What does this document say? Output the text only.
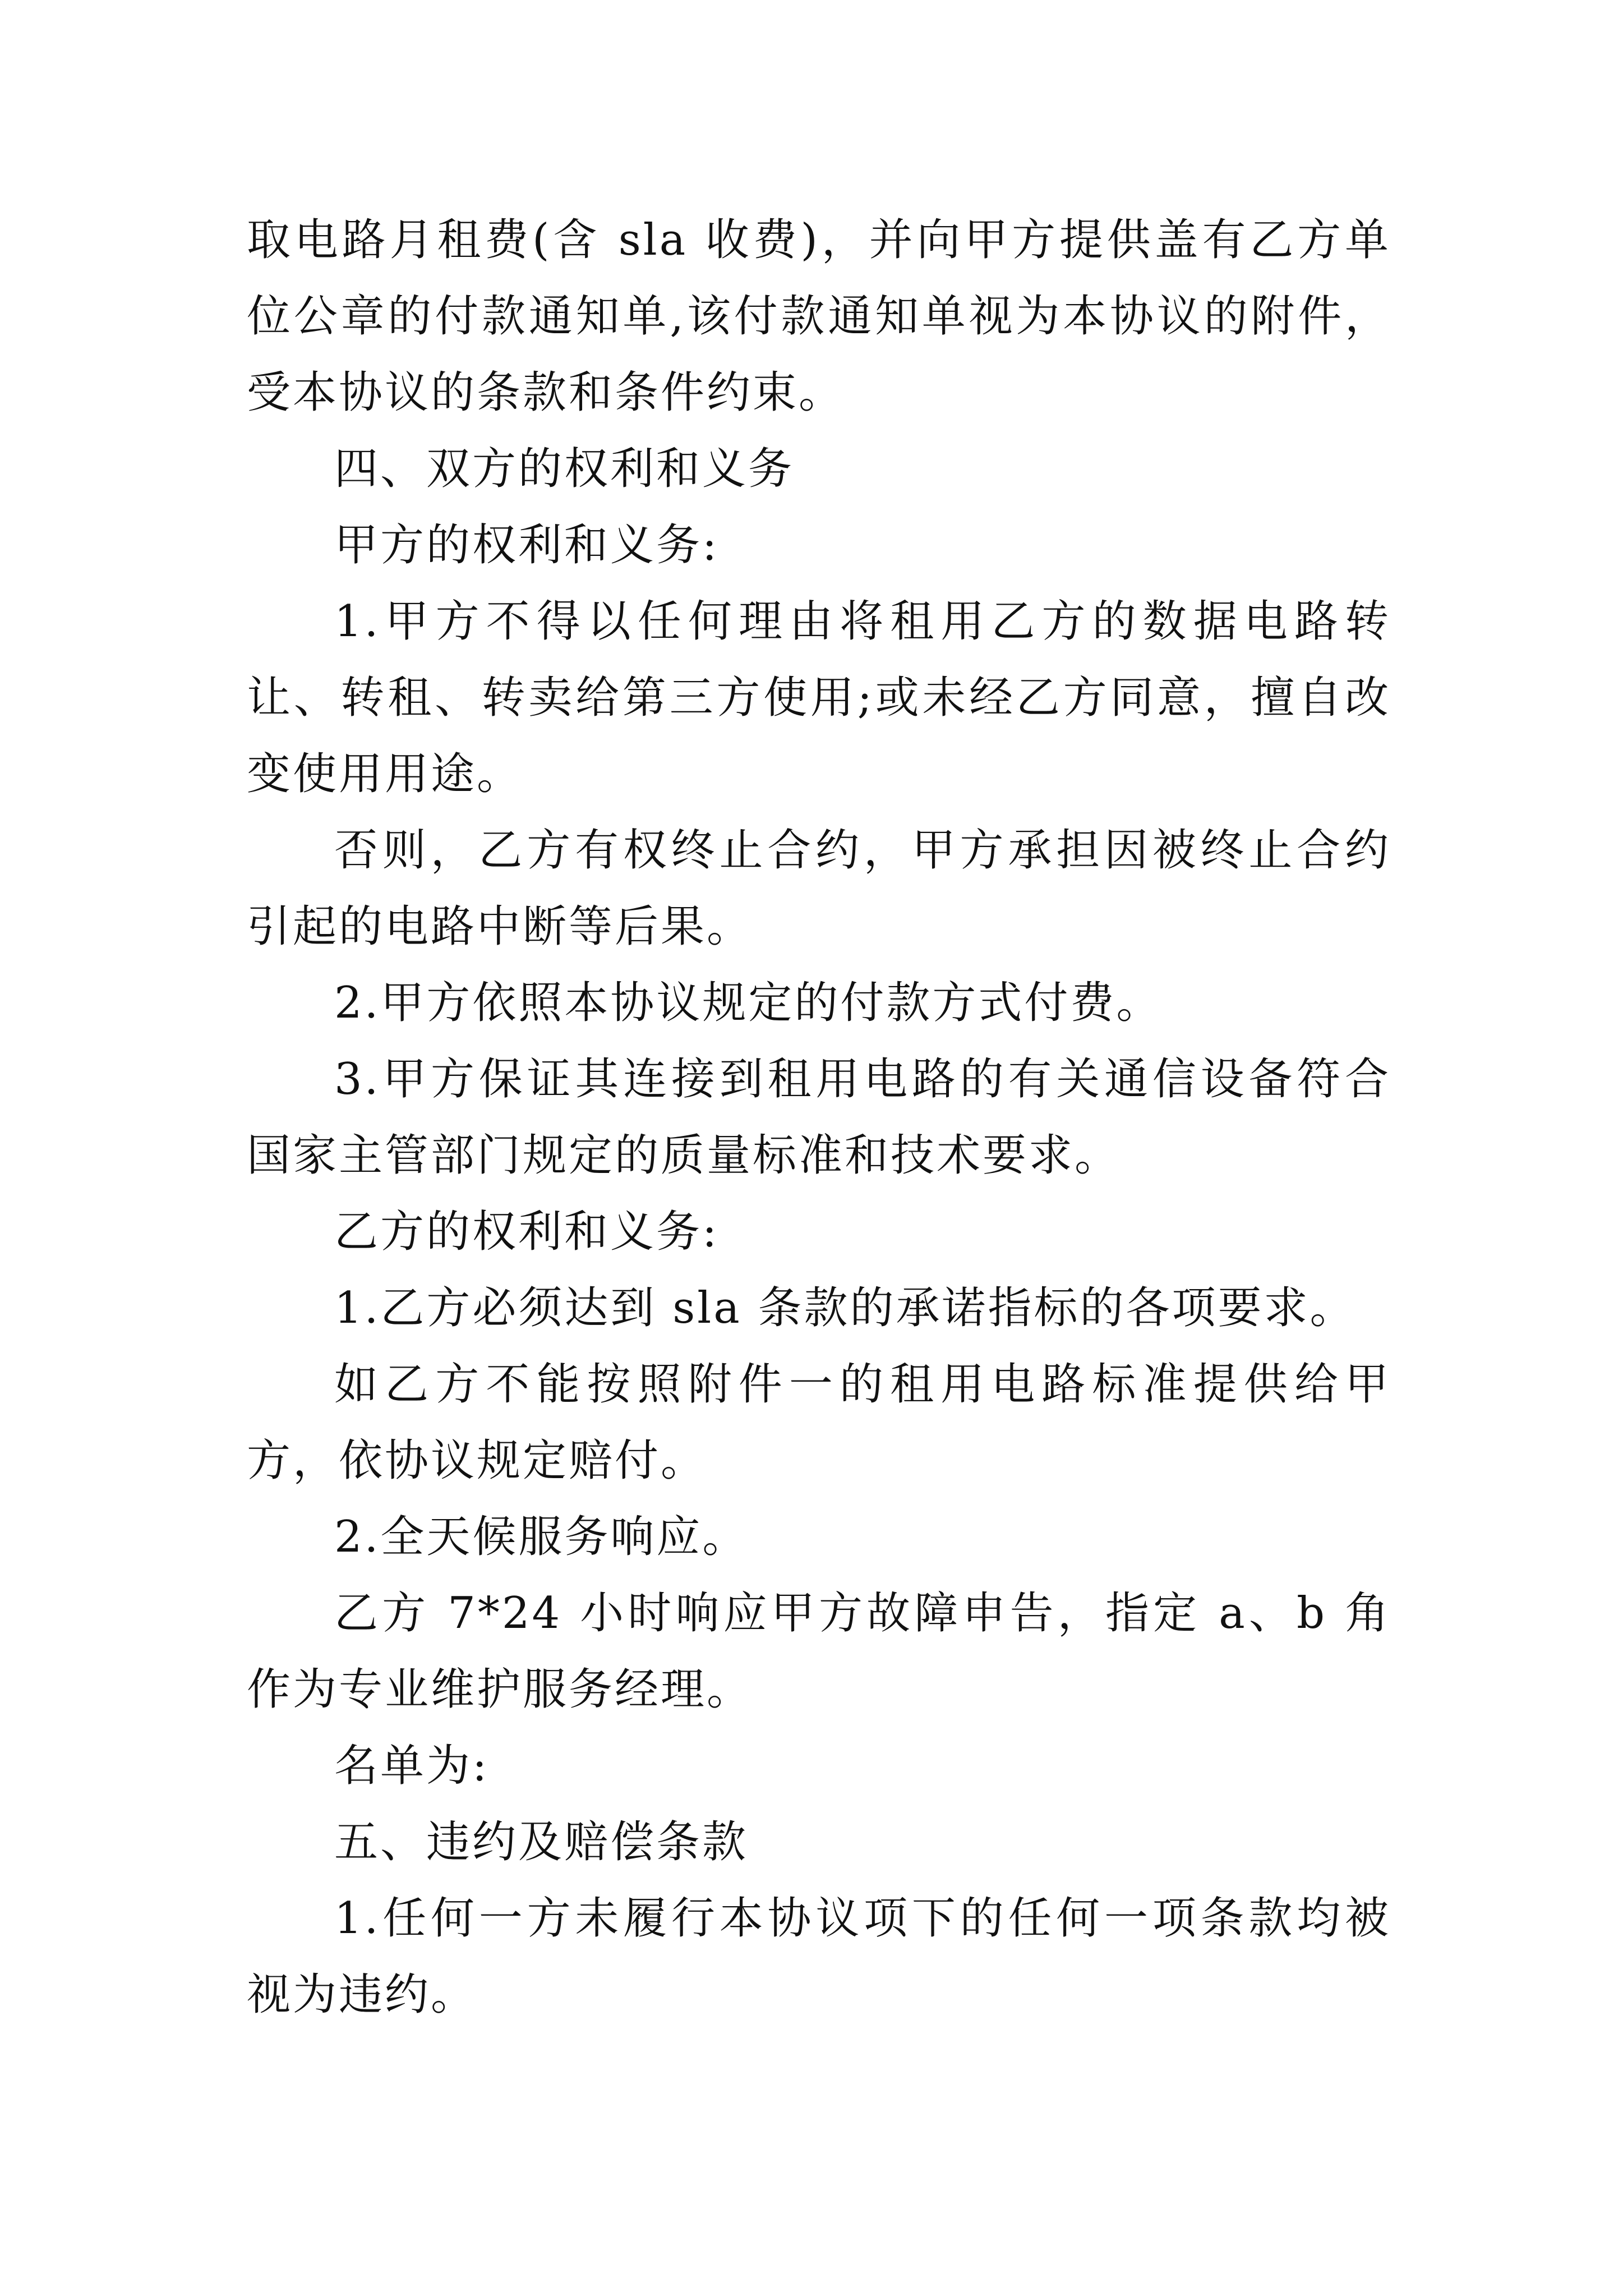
取电路月租费(含 sla 收费)，并向甲方提供盖有乙方单位公章的付款通知单,该付款通知单视为本协议的附件，受本协议的条款和条件约束。

四、双方的权利和义务

甲方的权利和义务:

1.甲方不得以任何理由将租用乙方的数据电路转让、转租、转卖给第三方使用;或未经乙方同意，擅自改变使用用途。

否则，乙方有权终止合约，甲方承担因被终止合约引起的电路中断等后果。

2.甲方依照本协议规定的付款方式付费。

3.甲方保证其连接到租用电路的有关通信设备符合国家主管部门规定的质量标准和技术要求。

乙方的权利和义务:

1.乙方必须达到 sla 条款的承诺指标的各项要求。

如乙方不能按照附件一的租用电路标准提供给甲方，依协议规定赔付。

2.全天候服务响应。

乙方 7*24 小时响应甲方故障申告，指定 a、b 角作为专业维护服务经理。

名单为:

五、违约及赔偿条款

1.任何一方未履行本协议项下的任何一项条款均被视为违约。
